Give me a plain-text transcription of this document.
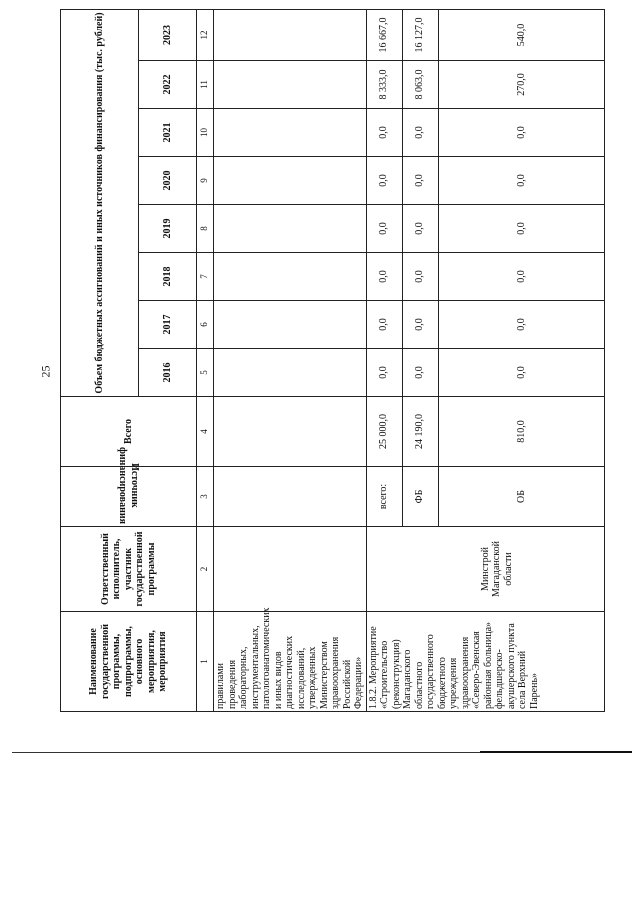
25
Наименование государственной программы, подпрограммы, основного мероприятия, мероприятия	Ответственный исполнитель, участник государственной программы	Источник финансирования	Всего	Объем бюджетных ассигнований и иных источников финансирования (тыс. рублей)							
				2016	2017	2018	2019	2020	2021	2022	2023
1	2	3	4	5	6	7	8	9	10	11	12
правилами проведения лабораторных, инструментальных, патологоанатомических и иных видов диагностических исследований, утвержденных Министерством здравоохранения Российской Федерации»											
1.8.2. Мероприятие «Строительство (реконструкция) Магаданского областного государственного бюджетного учреждения здравоохранения «Северо-Эвенская районная больница» фельдшерско-акушерского пункта села Верхний Парень»	Минстрой Магаданской области	всего:	25 000,0	0,0	0,0	0,0	0,0	0,0	0,0	8 333,0	16 667,0
		ФБ	24 190,0	0,0	0,0	0,0	0,0	0,0	0,0	8 063,0	16 127,0
		ОБ	810,0	0,0	0,0	0,0	0,0	0,0	0,0	270,0	540,0
